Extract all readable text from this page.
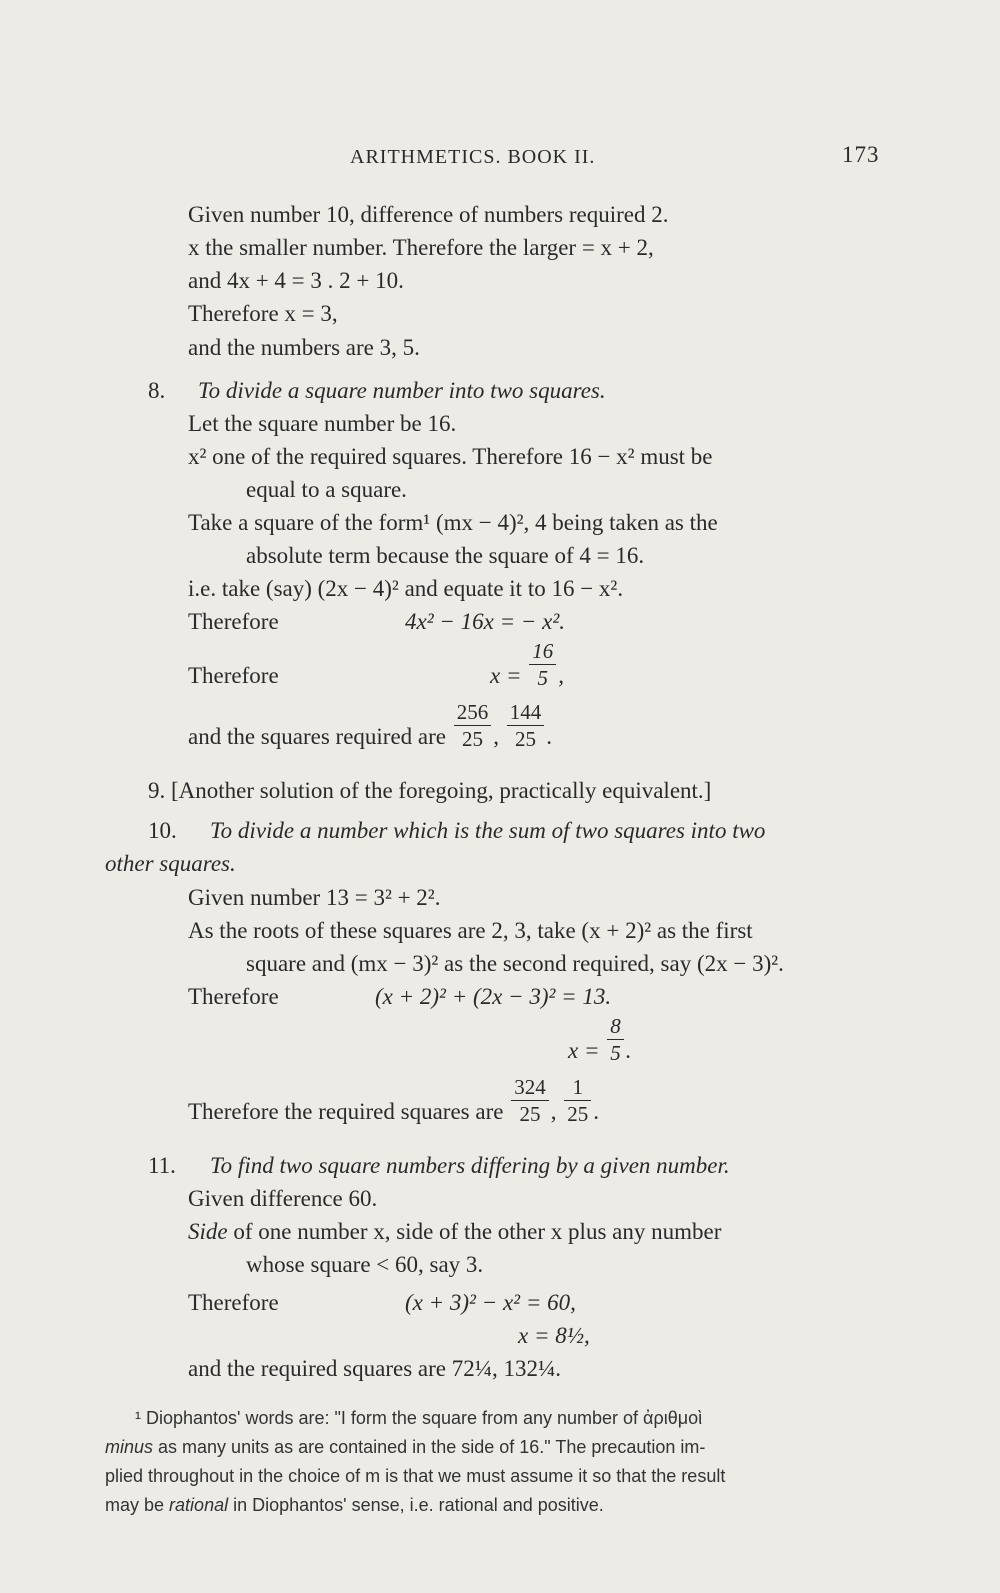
ARITHMETICS. BOOK II.	173
Given number 10, difference of numbers required 2.
x the smaller number. Therefore the larger = x + 2,
and 4x + 4 = 3 . 2 + 10.
Therefore x = 3,
and the numbers are 3, 5.
8. To divide a square number into two squares.
Let the square number be 16.
x² one of the required squares. Therefore 16 − x² must be
equal to a square.
Take a square of the form¹ (mx − 4)², 4 being taken as the
absolute term because the square of 4 = 16.
i.e. take (say) (2x − 4)² and equate it to 16 − x².
Therefore	4x² − 16x = − x².
Therefore	$x = \frac{16}{5}$ ,
and the squares required are $\frac{256}{25}$ , $\frac{144}{25}$ .
9. [Another solution of the foregoing, practically equivalent.]
10. To divide a number which is the sum of two squares into two
other squares.
Given number 13 = 3² + 2².
As the roots of these squares are 2, 3, take (x + 2)² as the first
square and (mx − 3)² as the second required, say (2x − 3)².
Therefore	(x + 2)² + (2x − 3)² = 13.
$x = \frac{8}{5}$ .
Therefore the required squares are $\frac{324}{25}$ , $\frac{1}{25}$ .
11. To find two square numbers differing by a given number.
Given difference 60.
Side of one number x, side of the other x plus any number
whose square < 60, say 3.
Therefore	(x + 3)² − x² = 60,
x = 8½,
and the required squares are 72¼, 132¼.
¹ Diophantos' words are: "I form the square from any number of ἀριθμοὶ
minus as many units as are contained in the side of 16." The precaution im-
plied throughout in the choice of m is that we must assume it so that the result
may be rational in Diophantos' sense, i.e. rational and positive.
